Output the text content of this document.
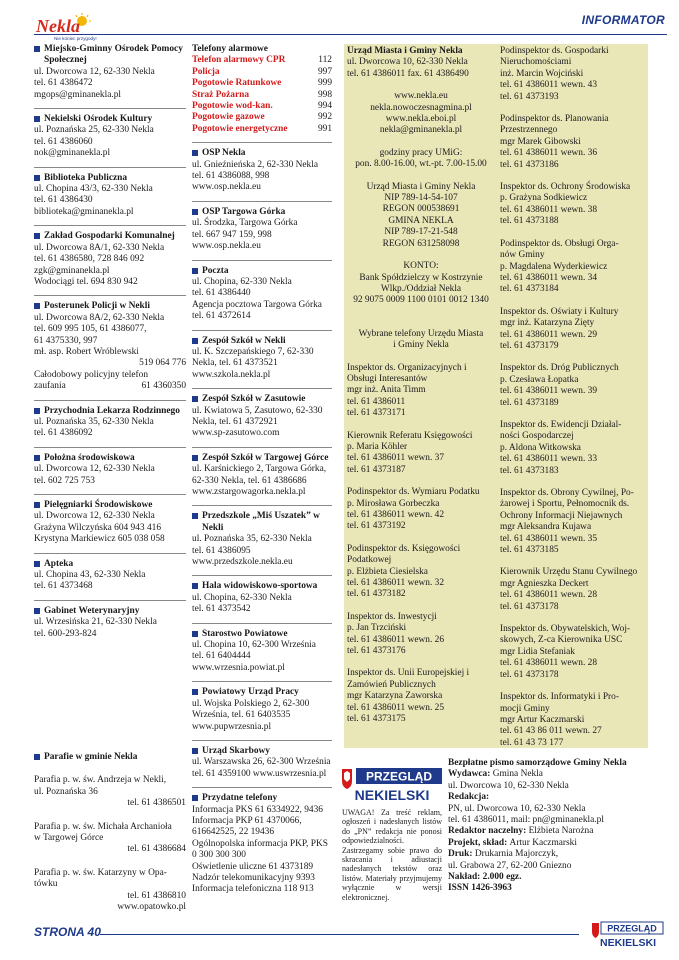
Nekla
Nie koniec przygody!
INFORMATOR
Miejsko-Gminny Ośrodek Pomocy Społecznej
ul. Dworcowa 12, 62-330 Nekla
tel. 61 4386472
mgops@gminanekla.pl
Nekielski Ośrodek Kultury
ul. Poznańska 25, 62-330 Nekla
tel. 61 4386060
nok@gminanekla.pl
Biblioteka Publiczna
ul. Chopina 43/3, 62-330 Nekla
tel. 61 4386430
biblioteka@gminanekla.pl
Zakład Gospodarki Komunalnej
ul. Dworcowa 8A/1, 62-330 Nekla
tel. 61 4386580, 728 846 092
zgk@gminanekla.pl
Wodociągi tel. 694 830 942
Posterunek Policji w Nekli
ul. Dworcowa 8A/2, 62-330 Nekla
tel. 609 995 105, 61 4386077,
61 4375330, 997
mł. asp. Robert Wróblewski
519 064 776
Całodobowy policyjny telefon
zaufania	61 4360350
Przychodnia Lekarza Rodzinnego
ul. Poznańska 35, 62-330 Nekla
tel. 61 4386092
Położna środowiskowa
ul. Dworcowa 12, 62-330 Nekla
tel. 602 725 753
Pielęgniarki Środowiskowe
ul. Dworcowa 12, 62-330 Nekla
Grażyna Wilczyńska 604 943 416
Krystyna Markiewicz 605 038 058
Apteka
ul. Chopina 43, 62-330 Nekla
tel. 61 4373468
Gabinet Weterynaryjny
ul. Wrzesińska 21, 62-330 Nekla
tel. 600-293-824
Parafie w gminie Nekla
Parafia p. w. św. Andrzeja w Nekli,
ul. Poznańska 36
tel. 61 4386501
Parafia p. w. św. Michała Archanioła
w Targowej Górce
tel. 61 4386684
Parafia p. w. św. Katarzyny w Opa-
tówku
tel. 61 4386810
www.opatowko.pl
Telefony alarmowe
Telefon alarmowy CPR	112
Policja	997
Pogotowie Ratunkowe	999
Straż Pożarna	998
Pogotowie wod-kan.	994
Pogotowie gazowe	992
Pogotowie energetyczne	991
OSP Nekla
ul. Gnieźnieńska 2, 62-330 Nekla
tel. 61 4386088, 998
www.osp.nekla.eu
OSP Targowa Górka
ul. Środzka, Targowa Górka
tel. 667 947 159, 998
www.osp.nekla.eu
Poczta
ul. Chopina, 62-330 Nekla
tel. 61 4386440
Agencja pocztowa Targowa Górka
tel. 61 4372614
Zespół Szkół w Nekli
ul. K. Szczepańskiego 7, 62-330
Nekla, tel. 61 4373521
www.szkola.nekla.pl
Zespół Szkół w Zasutowie
ul. Kwiatowa 5, Zasutowo, 62-330
Nekla, tel. 61 4372921
www.sp-zasutowo.com
Zespół Szkół w Targowej Górce
ul. Karśnickiego 2, Targowa Górka,
62-330 Nekla, tel. 61 4386686
www.zstargowagorka.nekla.pl
Przedszkole „Miś Uszatek” w Nekli
ul. Poznańska 35, 62-330 Nekla
tel. 61 4386095
www.przedszkole.nekla.eu
Hala widowiskowo-sportowa
ul. Chopina, 62-330 Nekla
tel. 61 4373542
Starostwo Powiatowe
ul. Chopina 10, 62-300 Września
tel. 61 6404444
www.wrzesnia.powiat.pl
Powiatowy Urząd Pracy
ul. Wojska Polskiego 2, 62-300
Września, tel. 61 6403535
www.pupwrzesnia.pl
Urząd Skarbowy
ul. Warszawska 26, 62-300 Września
tel. 61 4359100 www.uswrzesnia.pl
Przydatne telefony
Informacja PKS 61 6334922, 9436
Informacja PKP 61 4370066,
616642525, 22 19436
Ogólnopolska informacja PKP, PKS
0 300 300 300
Oświetlenie uliczne 61 4373189
Nadzór telekomunikacyjny 9393
Informacja telefoniczna 118 913
Urząd Miasta i Gminy Nekla
ul. Dworcowa 10, 62-330 Nekla
tel. 61 4386011 fax. 61 4386490
www.nekla.eu
nekla.nowoczesnagmina.pl
www.nekla.eboi.pl
nekla@gminanekla.pl
godziny pracy UMiG:
pon. 8.00-16.00, wt.-pt. 7.00-15.00
Urząd Miasta i Gminy Nekla
NIP 789-14-54-107
REGON 000538691
GMINA NEKLA
NIP 789-17-21-548
REGON 631258098
KONTO:
Bank Spółdzielczy w Kostrzynie
Wlkp./Oddział Nekla
92 9075 0009 1100 0101 0012 1340
Wybrane telefony Urzędu Miasta
i Gminy Nekla
Inspektor ds. Organizacyjnych i
Obsługi Interesantów
mgr inż. Anita Timm
tel. 61 4386011
tel. 61 4373171
Kierownik Referatu Księgowości
p. Maria Köhler
tel. 61 4386011 wewn. 37
tel. 61 4373187
Podinspektor ds. Wymiaru Podatku
p. Mirosława Gorbeczka
tel. 61 4386011 wewn. 42
tel. 61 4373192
Podinspektor ds. Księgowości
Podatkowej
p. Elżbieta Ciesielska
tel. 61 4386011 wewn. 32
tel. 61 4373182
Inspektor ds. Inwestycji
p. Jan Trzciński
tel. 61 4386011 wewn. 26
tel. 61 4373176
Inspektor ds. Unii Europejskiej i
Zamówień Publicznych
mgr Katarzyna Zaworska
tel. 61 4386011 wewn. 25
tel. 61 4373175
Podinspektor ds. Gospodarki
Nieruchomościami
inż. Marcin Wojciński
tel. 61 4386011 wewn. 43
tel. 61 4373193
Podinspektor ds. Planowania
Przestrzennego
mgr Marek Gibowski
tel. 61 4386011 wewn. 36
tel. 61 4373186
Inspektor ds. Ochrony Środowiska
p. Grażyna Sodkiewicz
tel. 61 4386011 wewn. 38
tel. 61 4373188
Podinspektor ds. Obsługi Orga-
nów Gminy
p. Magdalena Wyderkiewicz
tel. 61 4386011 wewn. 34
tel. 61 4373184
Inspektor ds. Oświaty i Kultury
mgr inż. Katarzyna Zięty
tel. 61 4386011 wewn. 29
tel. 61 4373179
Inspektor ds. Dróg Publicznych
p. Czesława Łopatka
tel. 61 4386011 wewn. 39
tel. 61 4373189
Inspektor ds. Ewidencji Działal-
ności Gospodarczej
p. Aldona Witkowska
tel. 61 4386011 wewn. 33
tel. 61 4373183
Inspektor ds. Obrony Cywilnej, Po-
żarowej i Sportu, Pełnomocnik ds.
Ochrony Informacji Niejawnych
mgr Aleksandra Kujawa
tel. 61 4386011 wewn. 35
tel. 61 4373185
Kierownik Urzędu Stanu Cywilnego
mgr Agnieszka Deckert
tel. 61 4386011 wewn. 28
tel. 61 4373178
Inspektor ds. Obywatelskich, Woj-
skowych, Z-ca Kierownika USC
mgr Lidia Stefaniak
tel. 61 4386011 wewn. 28
tel. 61 4373178
Inspektor ds. Informatyki i Pro-
mocji Gminy
mgr Artur Kaczmarski
tel. 61 43 86 011 wewn. 27
tel. 61 43 73 177
PRZEGLĄD
NEKIELSKI
UWAGA! Za treść reklam, ogłoszeń i nadesłanych listów do „PN” redakcja nie ponosi odpowiedzialności. Zastrzegamy sobie prawo do skracania i adiustacji nadesłanych tekstów oraz listów. Materiały przyjmujemy wyłącznie w wersji elektronicznej.
Bezpłatne pismo samorządowe Gminy Nekla
Wydawca: Gmina Nekla
ul. Dworcowa 10, 62-330 Nekla
Redakcja:
PN, ul. Dworcowa 10, 62-330 Nekla
tel. 61 4386011, mail: pn@gminanekla.pl
Redaktor naczelny: Elżbieta Narożna
Projekt, skład: Artur Kaczmarski
Druk: Drukarnia Majorczyk,
ul. Grabowa 27, 62-200 Gniezno
Nakład: 2.000 egz.
ISSN 1426-3963
STRONA 40	PRZEGLĄD
NEKIELSKI
